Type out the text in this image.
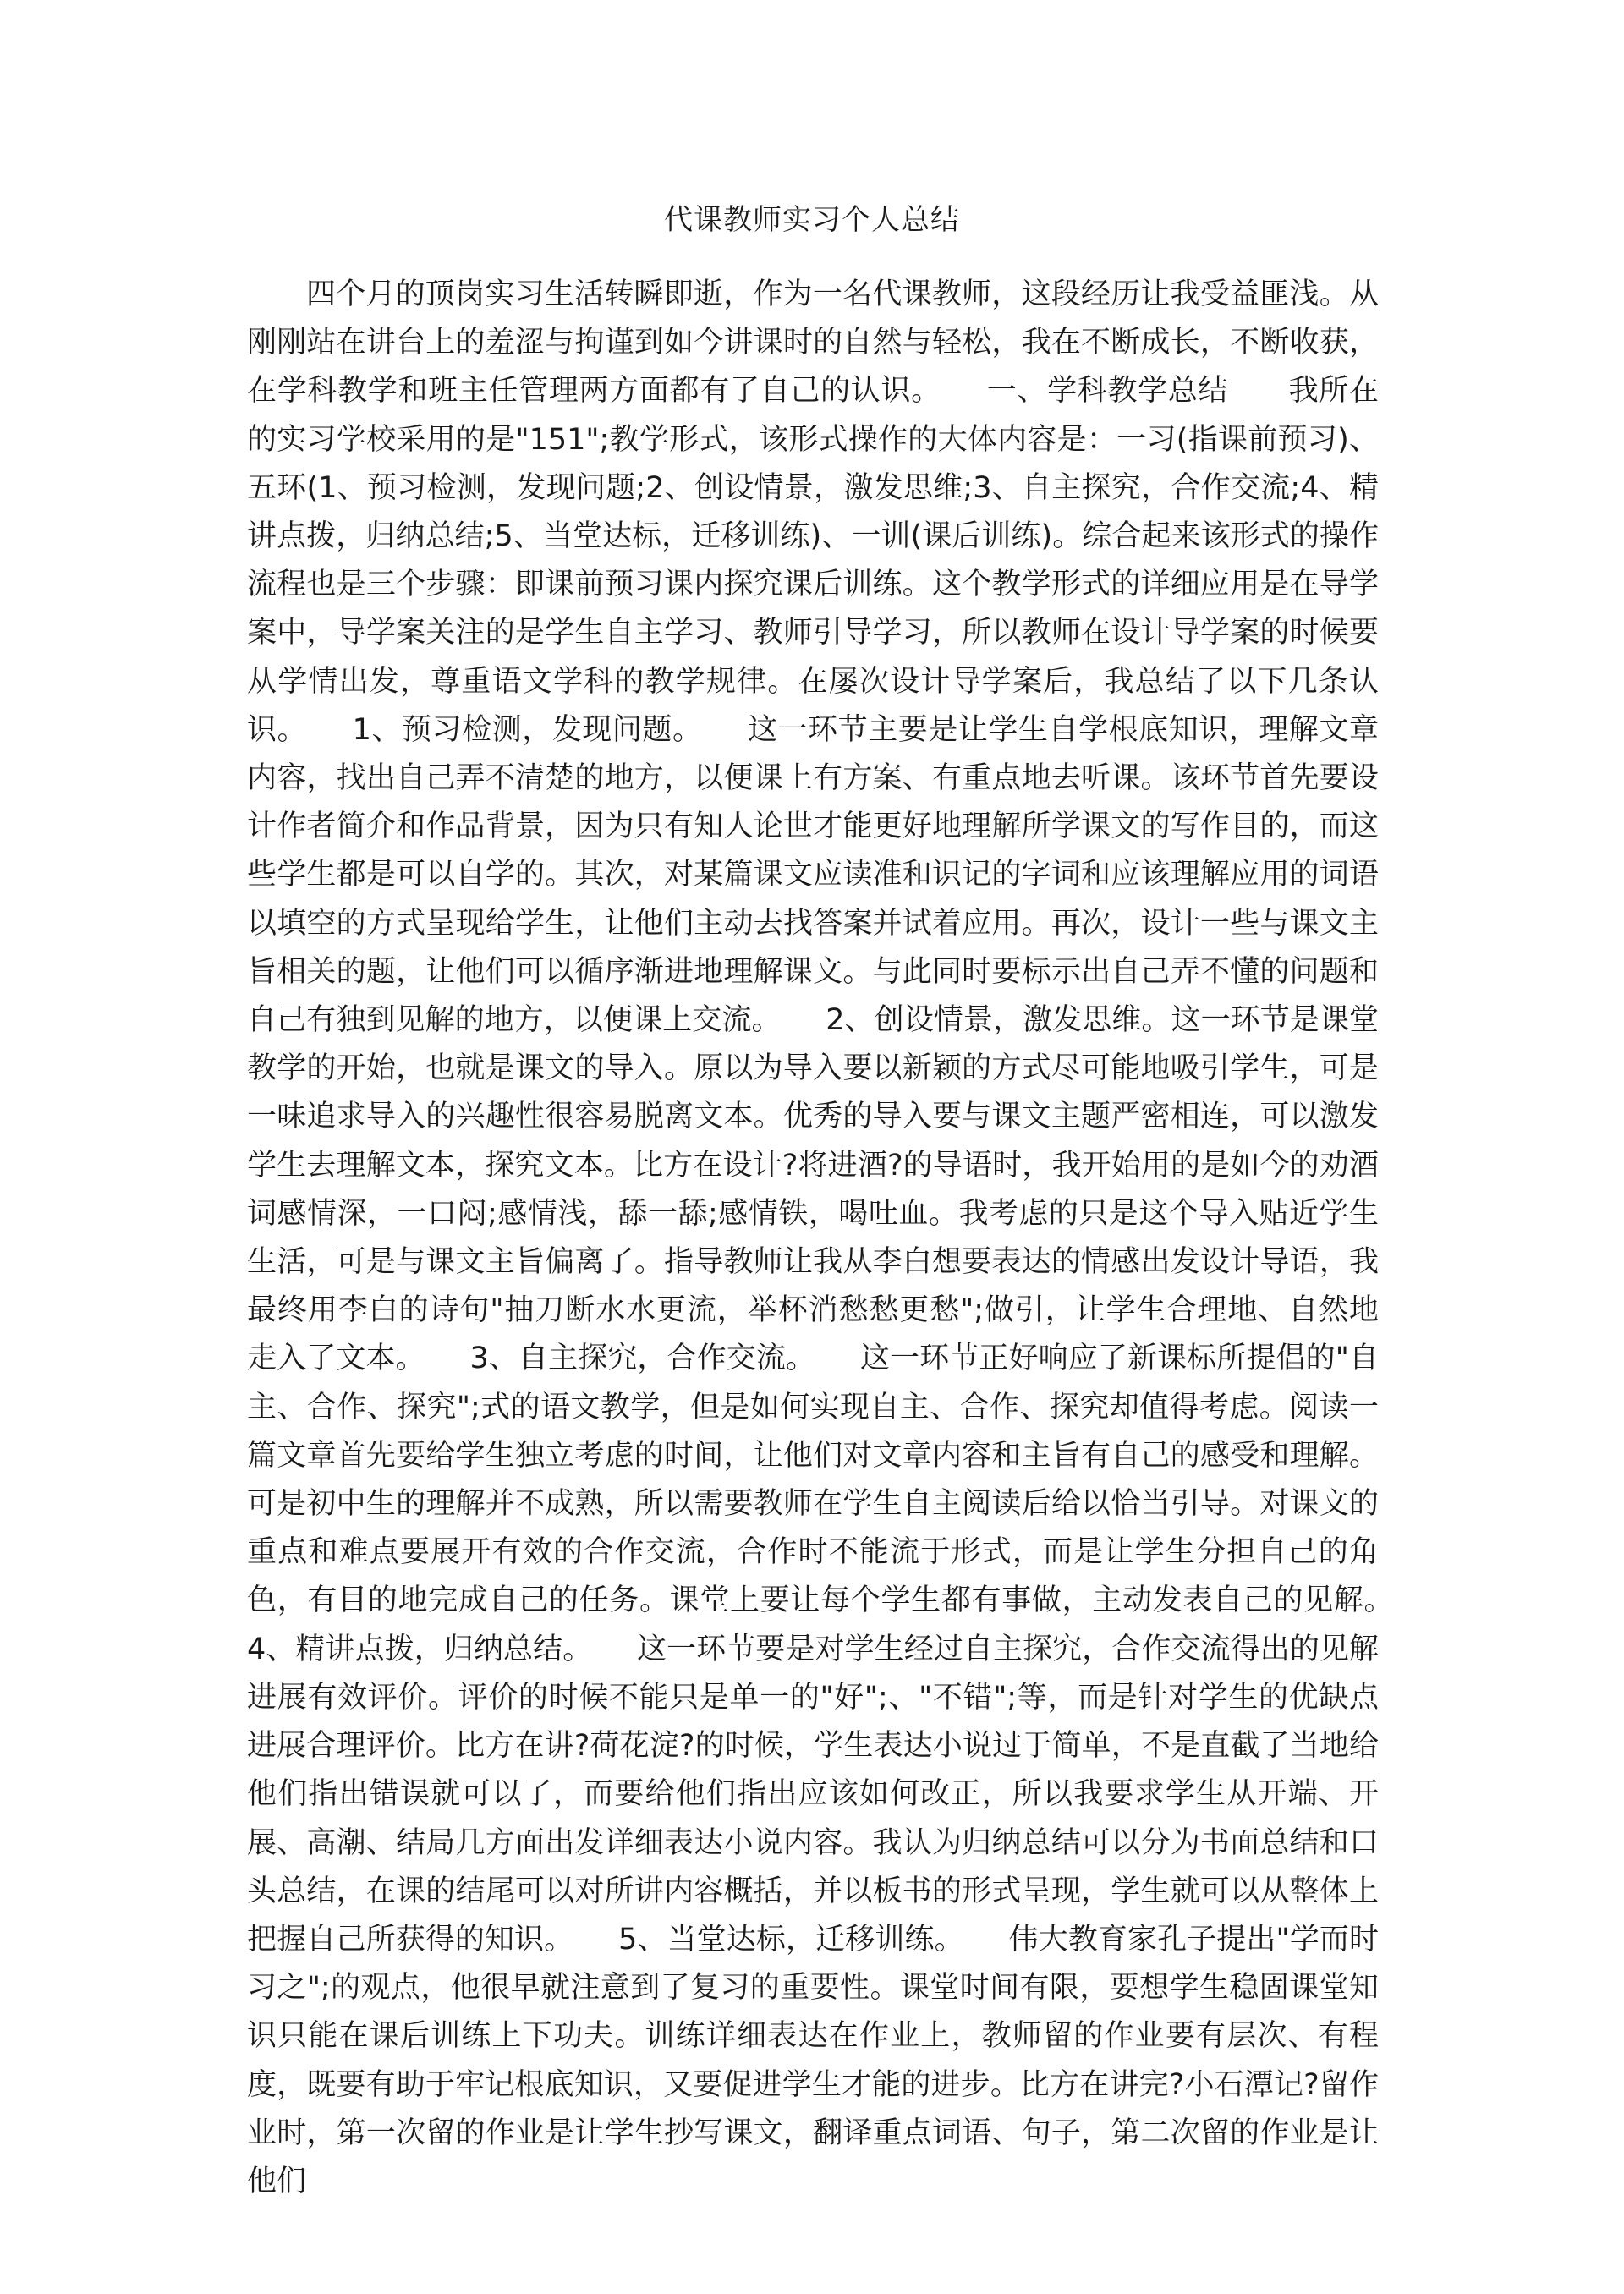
代课教师实习个人总结
四个月的顶岗实习生活转瞬即逝，作为一名代课教师，这段经历让我受益匪浅。从刚刚站在讲台上的羞涩与拘谨到如今讲课时的自然与轻松，我在不断成长，不断收获，在学科教学和班主任管理两方面都有了自己的认识。　　一、学科教学总结　　我所在的实习学校采用的是"151";教学形式，该形式操作的大体内容是：一习(指课前预习)、五环(1、预习检测，发现问题;2、创设情景，激发思维;3、自主探究，合作交流;4、精讲点拨，归纳总结;5、当堂达标，迁移训练)、一训(课后训练)。综合起来该形式的操作流程也是三个步骤：即课前预习课内探究课后训练。这个教学形式的详细应用是在导学案中，导学案关注的是学生自主学习、教师引导学习，所以教师在设计导学案的时候要从学情出发，尊重语文学科的教学规律。在屡次设计导学案后，我总结了以下几条认识。　　1、预习检测，发现问题。　　这一环节主要是让学生自学根底知识，理解文章内容，找出自己弄不清楚的地方，以便课上有方案、有重点地去听课。该环节首先要设计作者简介和作品背景，因为只有知人论世才能更好地理解所学课文的写作目的，而这些学生都是可以自学的。其次，对某篇课文应读准和识记的字词和应该理解应用的词语以填空的方式呈现给学生，让他们主动去找答案并试着应用。再次，设计一些与课文主旨相关的题，让他们可以循序渐进地理解课文。与此同时要标示出自己弄不懂的问题和自己有独到见解的地方，以便课上交流。　　2、创设情景，激发思维。这一环节是课堂教学的开始，也就是课文的导入。原以为导入要以新颖的方式尽可能地吸引学生，可是一味追求导入的兴趣性很容易脱离文本。优秀的导入要与课文主题严密相连，可以激发学生去理解文本，探究文本。比方在设计?将进酒?的导语时，我开始用的是如今的劝酒词感情深，一口闷;感情浅，舔一舔;感情铁，喝吐血。我考虑的只是这个导入贴近学生生活，可是与课文主旨偏离了。指导教师让我从李白想要表达的情感出发设计导语，我最终用李白的诗句"抽刀断水水更流，举杯消愁愁更愁";做引，让学生合理地、自然地走入了文本。　　3、自主探究，合作交流。　　这一环节正好响应了新课标所提倡的"自主、合作、探究";式的语文教学，但是如何实现自主、合作、探究却值得考虑。阅读一篇文章首先要给学生独立考虑的时间，让他们对文章内容和主旨有自己的感受和理解。可是初中生的理解并不成熟，所以需要教师在学生自主阅读后给以恰当引导。对课文的重点和难点要展开有效的合作交流，合作时不能流于形式，而是让学生分担自己的角色，有目的地完成自己的任务。课堂上要让每个学生都有事做，主动发表自己的见解。　　4、精讲点拨，归纳总结。　　这一环节要是对学生经过自主探究，合作交流得出的见解进展有效评价。评价的时候不能只是单一的"好";、"不错";等，而是针对学生的优缺点进展合理评价。比方在讲?荷花淀?的时候，学生表达小说过于简单，不是直截了当地给他们指出错误就可以了，而要给他们指出应该如何改正，所以我要求学生从开端、开展、高潮、结局几方面出发详细表达小说内容。我认为归纳总结可以分为书面总结和口头总结，在课的结尾可以对所讲内容概括，并以板书的形式呈现，学生就可以从整体上把握自己所获得的知识。　　5、当堂达标，迁移训练。　　伟大教育家孔子提出"学而时习之";的观点，他很早就注意到了复习的重要性。课堂时间有限，要想学生稳固课堂知识只能在课后训练上下功夫。训练详细表达在作业上，教师留的作业要有层次、有程度，既要有助于牢记根底知识，又要促进学生才能的进步。比方在讲完?小石潭记?留作业时，第一次留的作业是让学生抄写课文，翻译重点词语、句子，第二次留的作业是让他们
